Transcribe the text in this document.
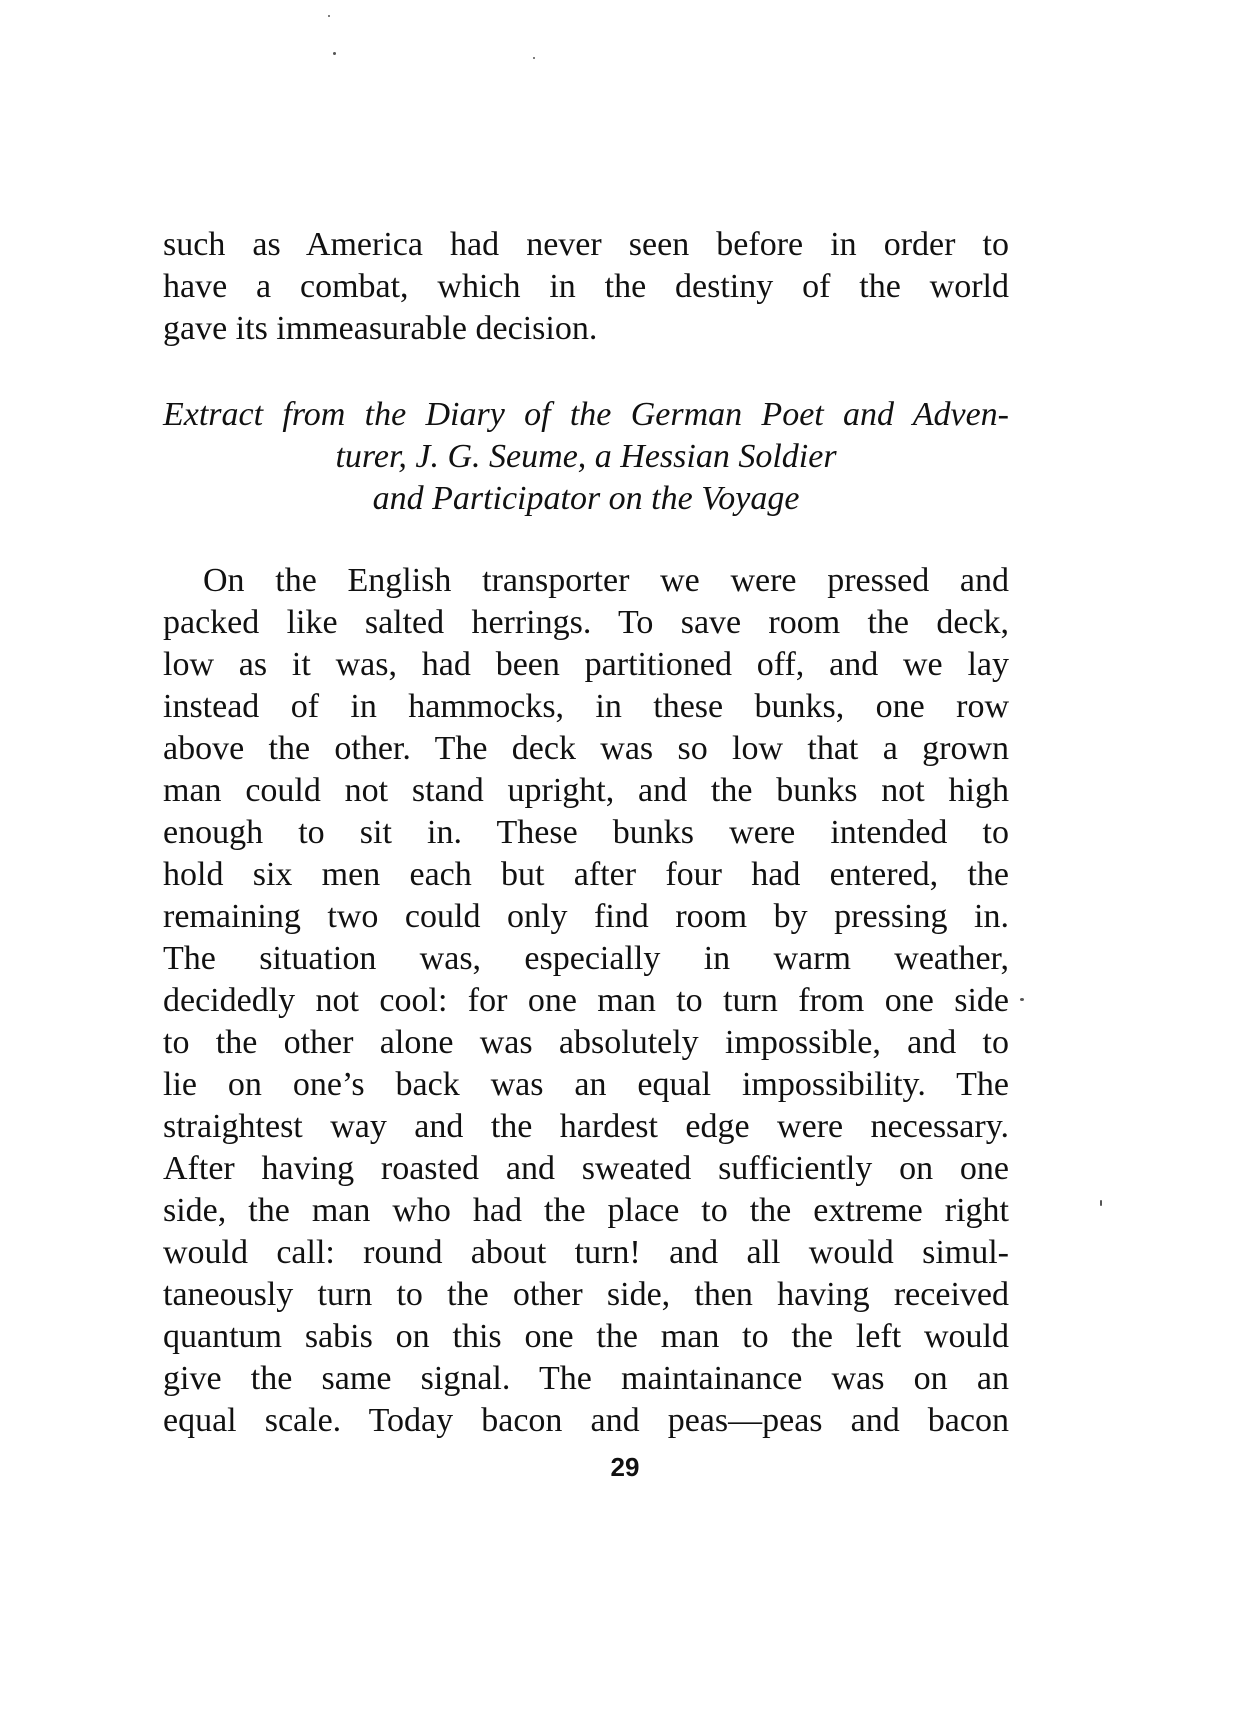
such as America had never seen before in order to
have a combat, which in the destiny of the world
gave its immeasurable decision.
Extract from the Diary of the German Poet and Adven-
turer, J. G. Seume, a Hessian Soldier
and Participator on the Voyage
On the English transporter we were pressed and
packed like salted herrings. To save room the deck,
low as it was, had been partitioned off, and we lay
instead of in hammocks, in these bunks, one row
above the other. The deck was so low that a grown
man could not stand upright, and the bunks not high
enough to sit in. These bunks were intended to
hold six men each but after four had entered, the
remaining two could only find room by pressing in.
The situation was, especially in warm weather,
decidedly not cool: for one man to turn from one side
to the other alone was absolutely impossible, and to
lie on one’s back was an equal impossibility. The
straightest way and the hardest edge were necessary.
After having roasted and sweated sufficiently on one
side, the man who had the place to the extreme right
would call: round about turn! and all would simul-
taneously turn to the other side, then having received
quantum sabis on this one the man to the left would
give the same signal. The maintainance was on an
equal scale. Today bacon and peas—peas and bacon
29
